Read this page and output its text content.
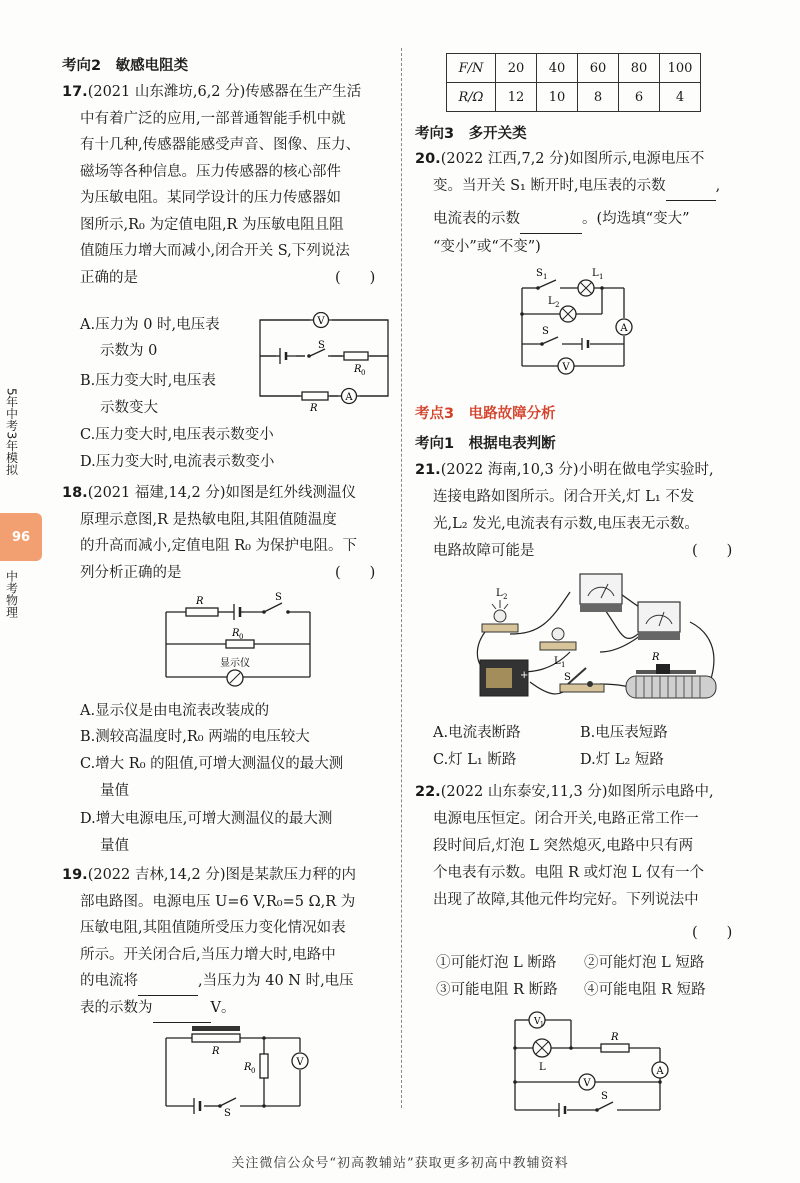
5年中考3年模拟
96
中考物理
考向2　敏感电阻类
17.(2021 山东潍坊,6,2 分)传感器在生产生活
中有着广泛的应用,一部普通智能手机中就
有十几种,传感器能感受声音、图像、压力、
磁场等各种信息。压力传感器的核心部件
为压敏电阻。某同学设计的压力传感器如
图所示,R₀ 为定值电阻,R 为压敏电阻且阻
值随压力增大而减小,闭合开关 S,下列说法
正确的是	(　　)
A.压力为 0 时,电压表
示数为 0
B.压力变大时,电压表
示数变大
C.压力变大时,电压表示数变小
D.压力变大时,电流表示数变小
V
S
R 0
R
A
18.(2021 福建,14,2 分)如图是红外线测温仪
原理示意图,R 是热敏电阻,其阻值随温度
的升高而减小,定值电阻 R₀ 为保护电阻。下
列分析正确的是	(　　)
R	S
R 0
显示仪
A.显示仪是由电流表改装成的
B.测较高温度时,R₀ 两端的电压较大
C.增大 R₀ 的阻值,可增大测温仪的最大测
量值
D.增大电源电压,可增大测温仪的最大测
量值
19.(2022 吉林,14,2 分)图是某款压力秤的内
部电路图。电源电压 U=6 V,R₀=5 Ω,R 为
压敏电阻,其阻值随所受压力变化情况如表
所示。开关闭合后,当压力增大时,电路中
的电流将	,当压力为 40 N 时,电压
表的示数为	V。
R
R 0
V
S
F/N	20	40	60	80	100
R/Ω	12	10	8	6	4
考向3　多开关类
20.(2022 江西,7,2 分)如图所示,电源电压不
变。当开关 S₁ 断开时,电压表的示数	,
电流表的示数	。(均选填“变大”
“变小”或“不变”)
S 1	L 1
L 2
A
S
V
考点3　电路故障分析
考向1　根据电表判断
21.(2022 海南,10,3 分)小明在做电学实验时,
连接电路如图所示。闭合开关,灯 L₁ 不发
光,L₂ 发光,电流表有示数,电压表无示数。
电路故障可能是	(　　)
+
L 2
L 1
S
R
A.电流表断路	B.电压表短路
C.灯 L₁ 断路	D.灯 L₂ 短路
22.(2022 山东泰安,11,3 分)如图所示电路中,
电源电压恒定。闭合开关,电路正常工作一
段时间后,灯泡 L 突然熄灭,电路中只有两
个电表有示数。电阻 R 或灯泡 L 仅有一个
出现了故障,其他元件均完好。下列说法中
(　　)
①可能灯泡 L 断路 ②可能灯泡 L 短路
③可能电阻 R 断路 ④可能电阻 R 短路
V 1
L
R
A
V
S
关注微信公众号“初高教辅站”获取更多初高中教辅资料
